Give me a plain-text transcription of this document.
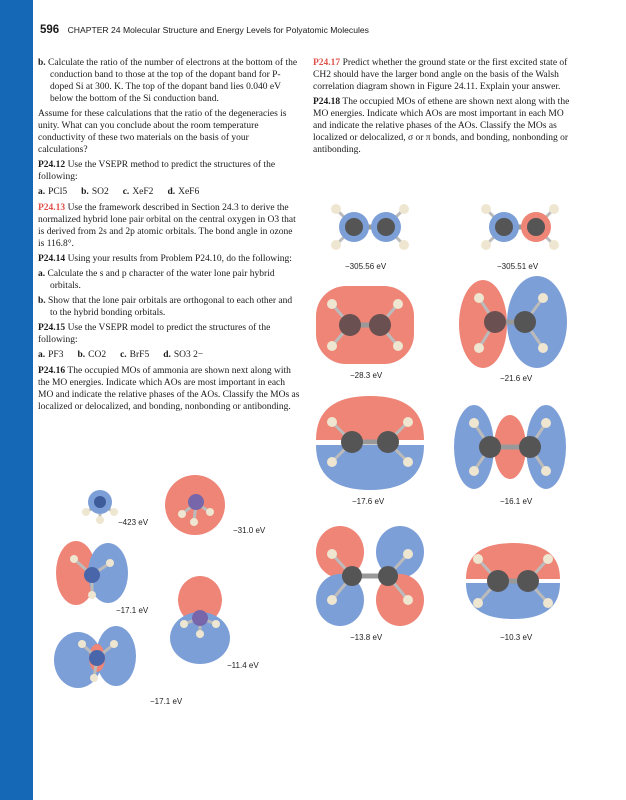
596 CHAPTER 24 Molecular Structure and Energy Levels for Polyatomic Molecules

b. Calculate the ratio of the number of electrons at the bottom of the conduction band to those at the top of the dopant band for P-doped Si at 300. K. The top of the dopant band lies 0.040 eV below the bottom of the Si conduction band.

Assume for these calculations that the ratio of the degeneracies is unity. What can you conclude about the room temperature conductivity of these two materials on the basis of your calculations?

P24.12 Use the VSEPR method to predict the structures of the following:

a. PCl5 b. SO2 c. XeF2 d. XeF6

P24.13 Use the framework described in Section 24.3 to derive the normalized hybrid lone pair orbital on the central oxygen in O3 that is derived from 2s and 2p atomic orbitals. The bond angle in ozone is 116.8°.

P24.14 Using your results from Problem P24.10, do the following:

a. Calculate the s and p character of the water lone pair hybrid orbitals.

b. Show that the lone pair orbitals are orthogonal to each other and to the hybrid bonding orbitals.

P24.15 Use the VSEPR model to predict the structures of the following:

a. PF3 b. CO2 c. BrF5 d. SO3 2−

P24.16 The occupied MOs of ammonia are shown next along with the MO energies. Indicate which AOs are most important in each MO and indicate the relative phases of the AOs. Classify the MOs as localized or delocalized, and bonding, nonbonding or antibonding.

P24.17 Predict whether the ground state or the first excited state of CH2 should have the larger bond angle on the basis of the Walsh correlation diagram shown in Figure 24.11. Explain your answer.

P24.18 The occupied MOs of ethene are shown next along with the MO energies. Indicate which AOs are most important in each MO and indicate the relative phases of the AOs. Classify the MOs as localized or delocalized, σ or π bonds, and bonding, nonbonding or antibonding.

−305.56 eV	−305.51 eV
−28.3 eV	−21.6 eV
−17.6 eV	−16.1 eV
−13.8 eV	−10.3 eV
−423 eV
−31.0 eV
−17.1 eV
−11.4 eV
−17.1 eV
